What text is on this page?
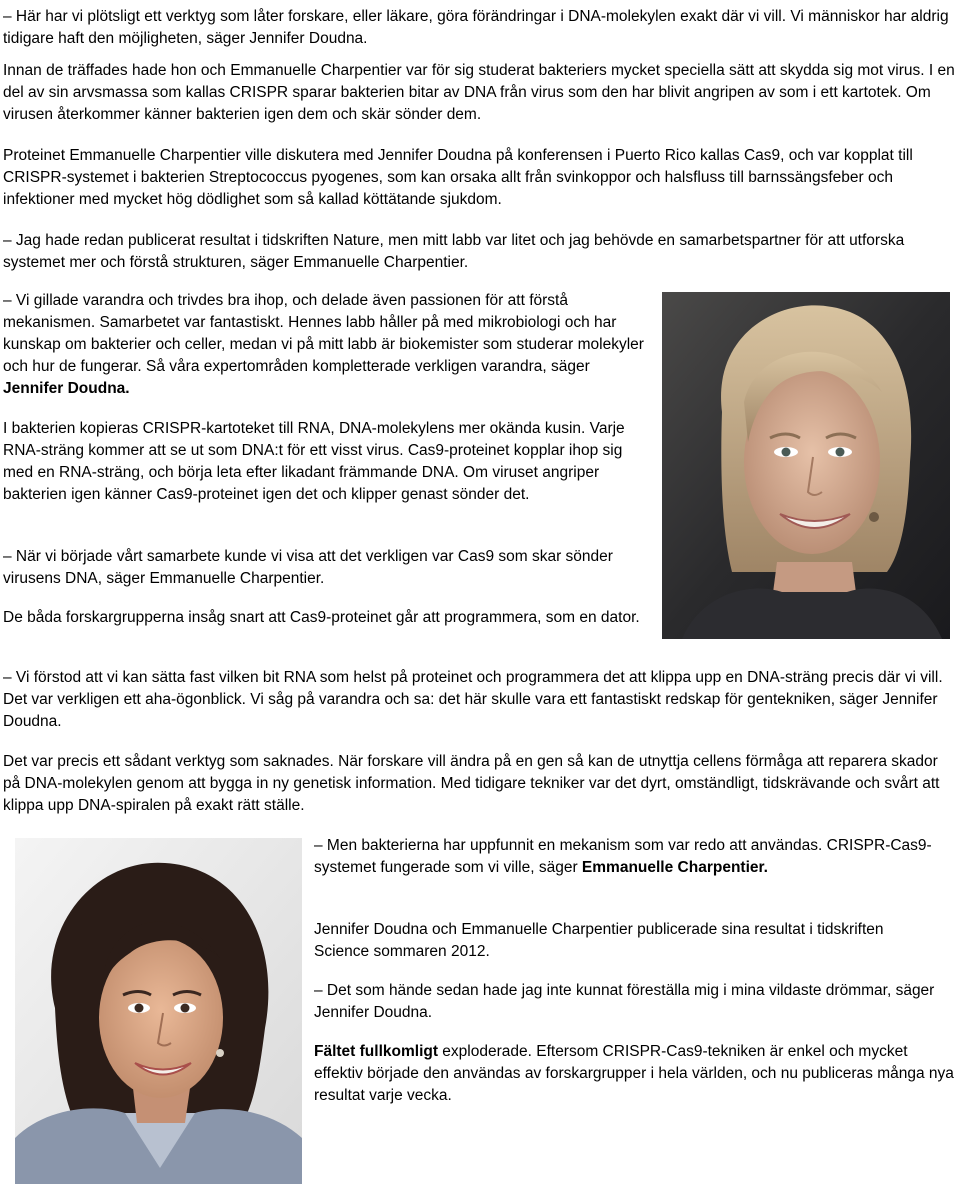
– Här har vi plötsligt ett verktyg som låter forskare, eller läkare, göra förändringar i DNA-molekylen exakt där vi vill. Vi människor har aldrig tidigare haft den möjligheten, säger Jennifer Doudna.

Innan de träffades hade hon och Emmanuelle Charpentier var för sig studerat bakteriers mycket speciella sätt att skydda sig mot virus. I en del av sin arvsmassa som kallas CRISPR sparar bakterien bitar av DNA från virus som den har blivit angripen av som i ett kartotek. Om virusen återkommer känner bakterien igen dem och skär sönder dem.

Proteinet Emmanuelle Charpentier ville diskutera med Jennifer Doudna på konferensen i Puerto Rico kallas Cas9, och var kopplat till CRISPR-systemet i bakterien Streptococcus pyogenes, som kan orsaka allt från svinkoppor och halsfluss till barnssängsfeber och infektioner med mycket hög dödlighet som så kallad köttätande sjukdom.

– Jag hade redan publicerat resultat i tidskriften Nature, men mitt labb var litet och jag behövde en samarbetspartner för att utforska systemet mer och förstå strukturen, säger Emmanuelle Charpentier.

– Vi gillade varandra och trivdes bra ihop, och delade även passionen för att förstå mekanismen. Samarbetet var fantastiskt. Hennes labb håller på med mikrobiologi och har kunskap om bakterier och celler, medan vi på mitt labb är biokemister som studerar molekyler och hur de fungerar. Så våra expertområden kompletterade verkligen varandra, säger Jennifer Doudna.

I bakterien kopieras CRISPR-kartoteket till RNA, DNA-molekylens mer okända kusin. Varje RNA-sträng kommer att se ut som DNA:t för ett visst virus. Cas9-proteinet kopplar ihop sig med en RNA-sträng, och börja leta efter likadant främmande DNA. Om viruset angriper bakterien igen känner Cas9-proteinet igen det och klipper genast sönder det.

– När vi började vårt samarbete kunde vi visa att det verkligen var Cas9 som skar sönder virusens DNA, säger Emmanuelle Charpentier.

De båda forskargrupperna insåg snart att Cas9-proteinet går att programmera, som en dator.

– Vi förstod att vi kan sätta fast vilken bit RNA som helst på proteinet och programmera det att klippa upp en DNA-sträng precis där vi vill. Det var verkligen ett aha-ögonblick. Vi såg på varandra och sa: det här skulle vara ett fantastiskt redskap för gentekniken, säger Jennifer Doudna.

Det var precis ett sådant verktyg som saknades. När forskare vill ändra på en gen så kan de utnyttja cellens förmåga att reparera skador på DNA-molekylen genom att bygga in ny genetisk information. Med tidigare tekniker var det dyrt, omständligt, tidskrävande och svårt att klippa upp DNA-spiralen på exakt rätt ställe.

– Men bakterierna har uppfunnit en mekanism som var redo att användas. CRISPR-Cas9-systemet fungerade som vi ville, säger Emmanuelle Charpentier.

Jennifer Doudna och Emmanuelle Charpentier publicerade sina resultat i tidskriften Science sommaren 2012.

– Det som hände sedan hade jag inte kunnat föreställa mig i mina vildaste drömmar, säger Jennifer Doudna.

Fältet fullkomligt exploderade. Eftersom CRISPR-Cas9-tekniken är enkel och mycket effektiv började den användas av forskargrupper i hela världen, och nu publiceras många nya resultat varje vecka.
